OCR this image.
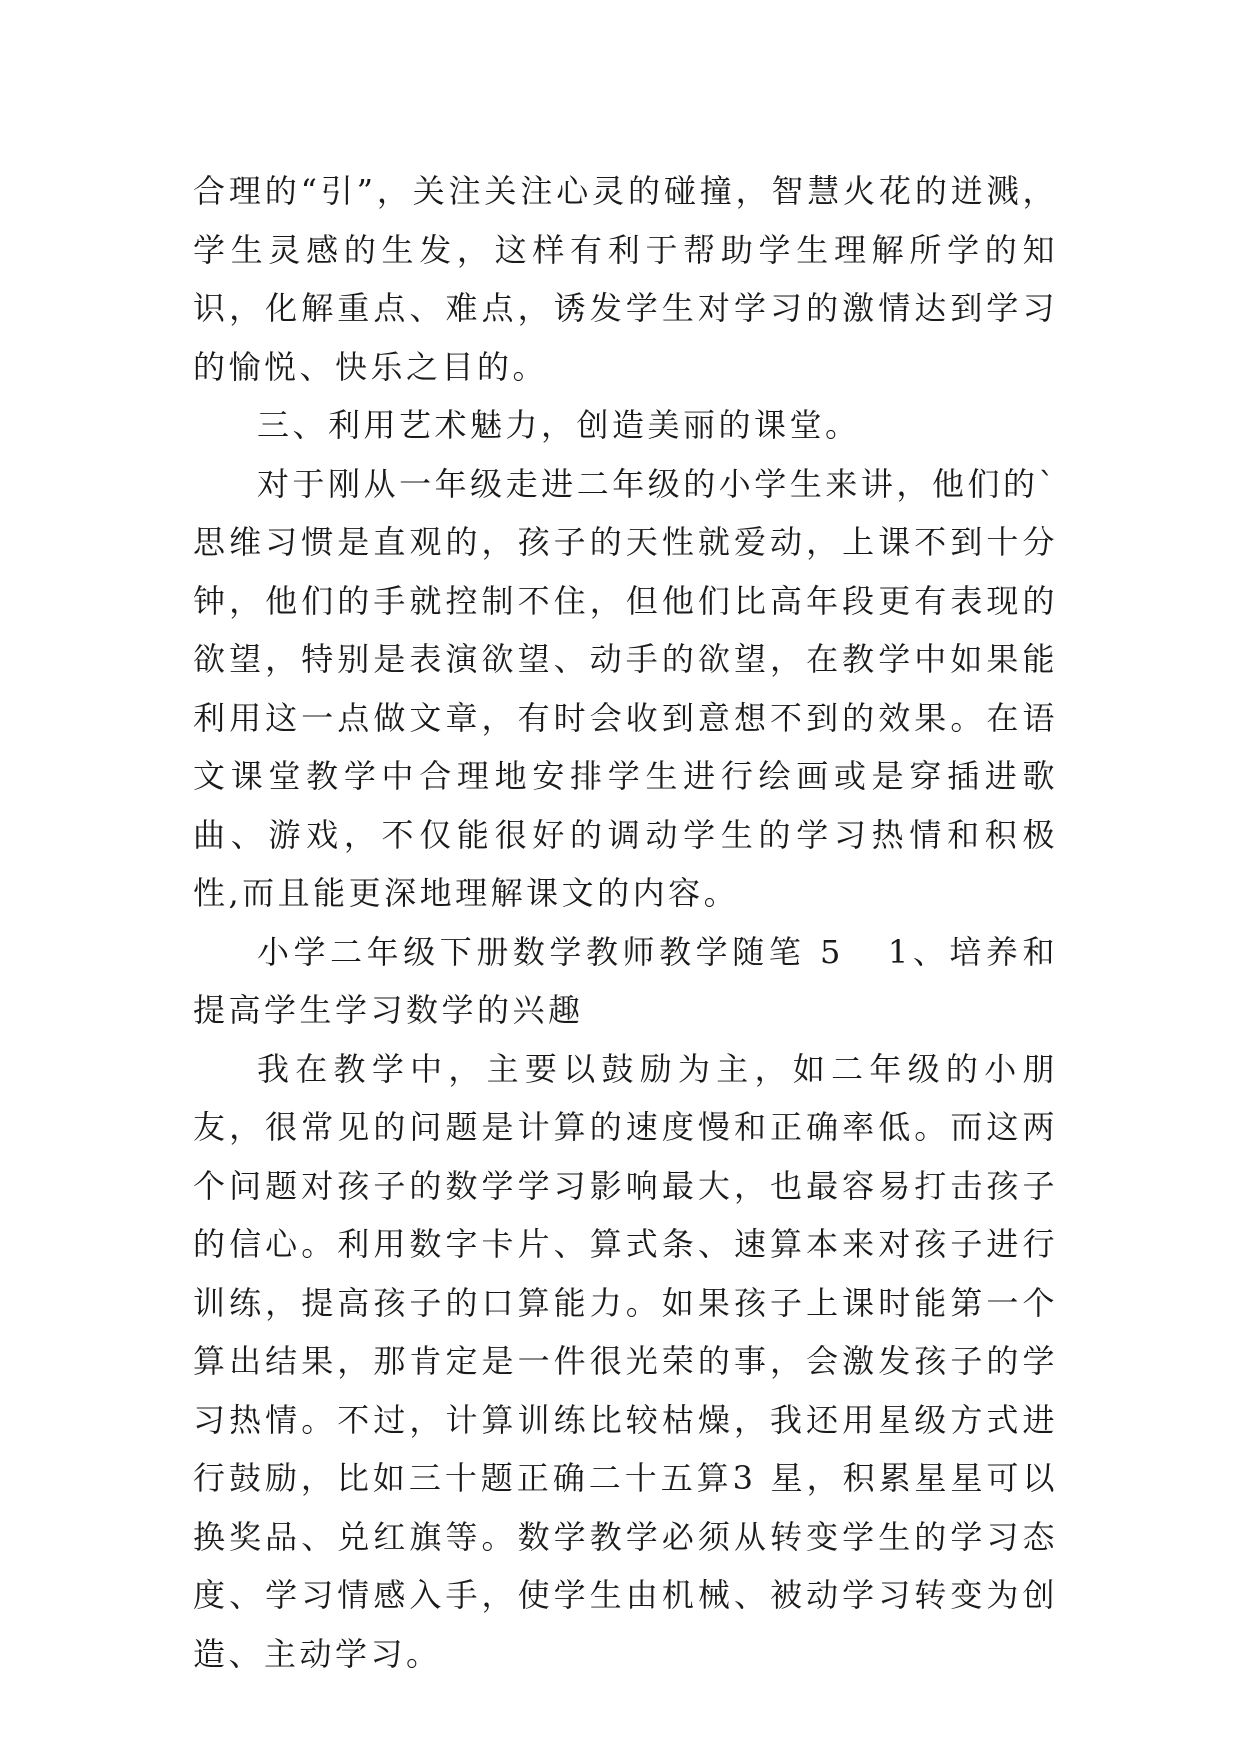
合理的“引”，关注关注心灵的碰撞，智慧火花的迸溅，学生灵感的生发，这样有利于帮助学生理解所学的知识，化解重点、难点，诱发学生对学习的激情达到学习的愉悦、快乐之目的。

三、利用艺术魅力，创造美丽的课堂。

对于刚从一年级走进二年级的小学生来讲，他们的`思维习惯是直观的，孩子的天性就爱动，上课不到十分钟，他们的手就控制不住，但他们比高年段更有表现的欲望，特别是表演欲望、动手的欲望，在教学中如果能利用这一点做文章，有时会收到意想不到的效果。在语文课堂教学中合理地安排学生进行绘画或是穿插进歌曲、游戏，不仅能很好的调动学生的学习热情和积极性,而且能更深地理解课文的内容。

小学二年级下册数学教师教学随笔 5 1、培养和提高学生学习数学的兴趣

我在教学中，主要以鼓励为主，如二年级的小朋友，很常见的问题是计算的速度慢和正确率低。而这两个问题对孩子的数学学习影响最大，也最容易打击孩子的信心。利用数字卡片、算式条、速算本来对孩子进行训练，提高孩子的口算能力。如果孩子上课时能第一个算出结果，那肯定是一件很光荣的事，会激发孩子的学习热情。不过，计算训练比较枯燥，我还用星级方式进行鼓励，比如三十题正确二十五算3 星，积累星星可以换奖品、兑红旗等。数学教学必须从转变学生的学习态度、学习情感入手，使学生由机械、被动学习转变为创造、主动学习。
